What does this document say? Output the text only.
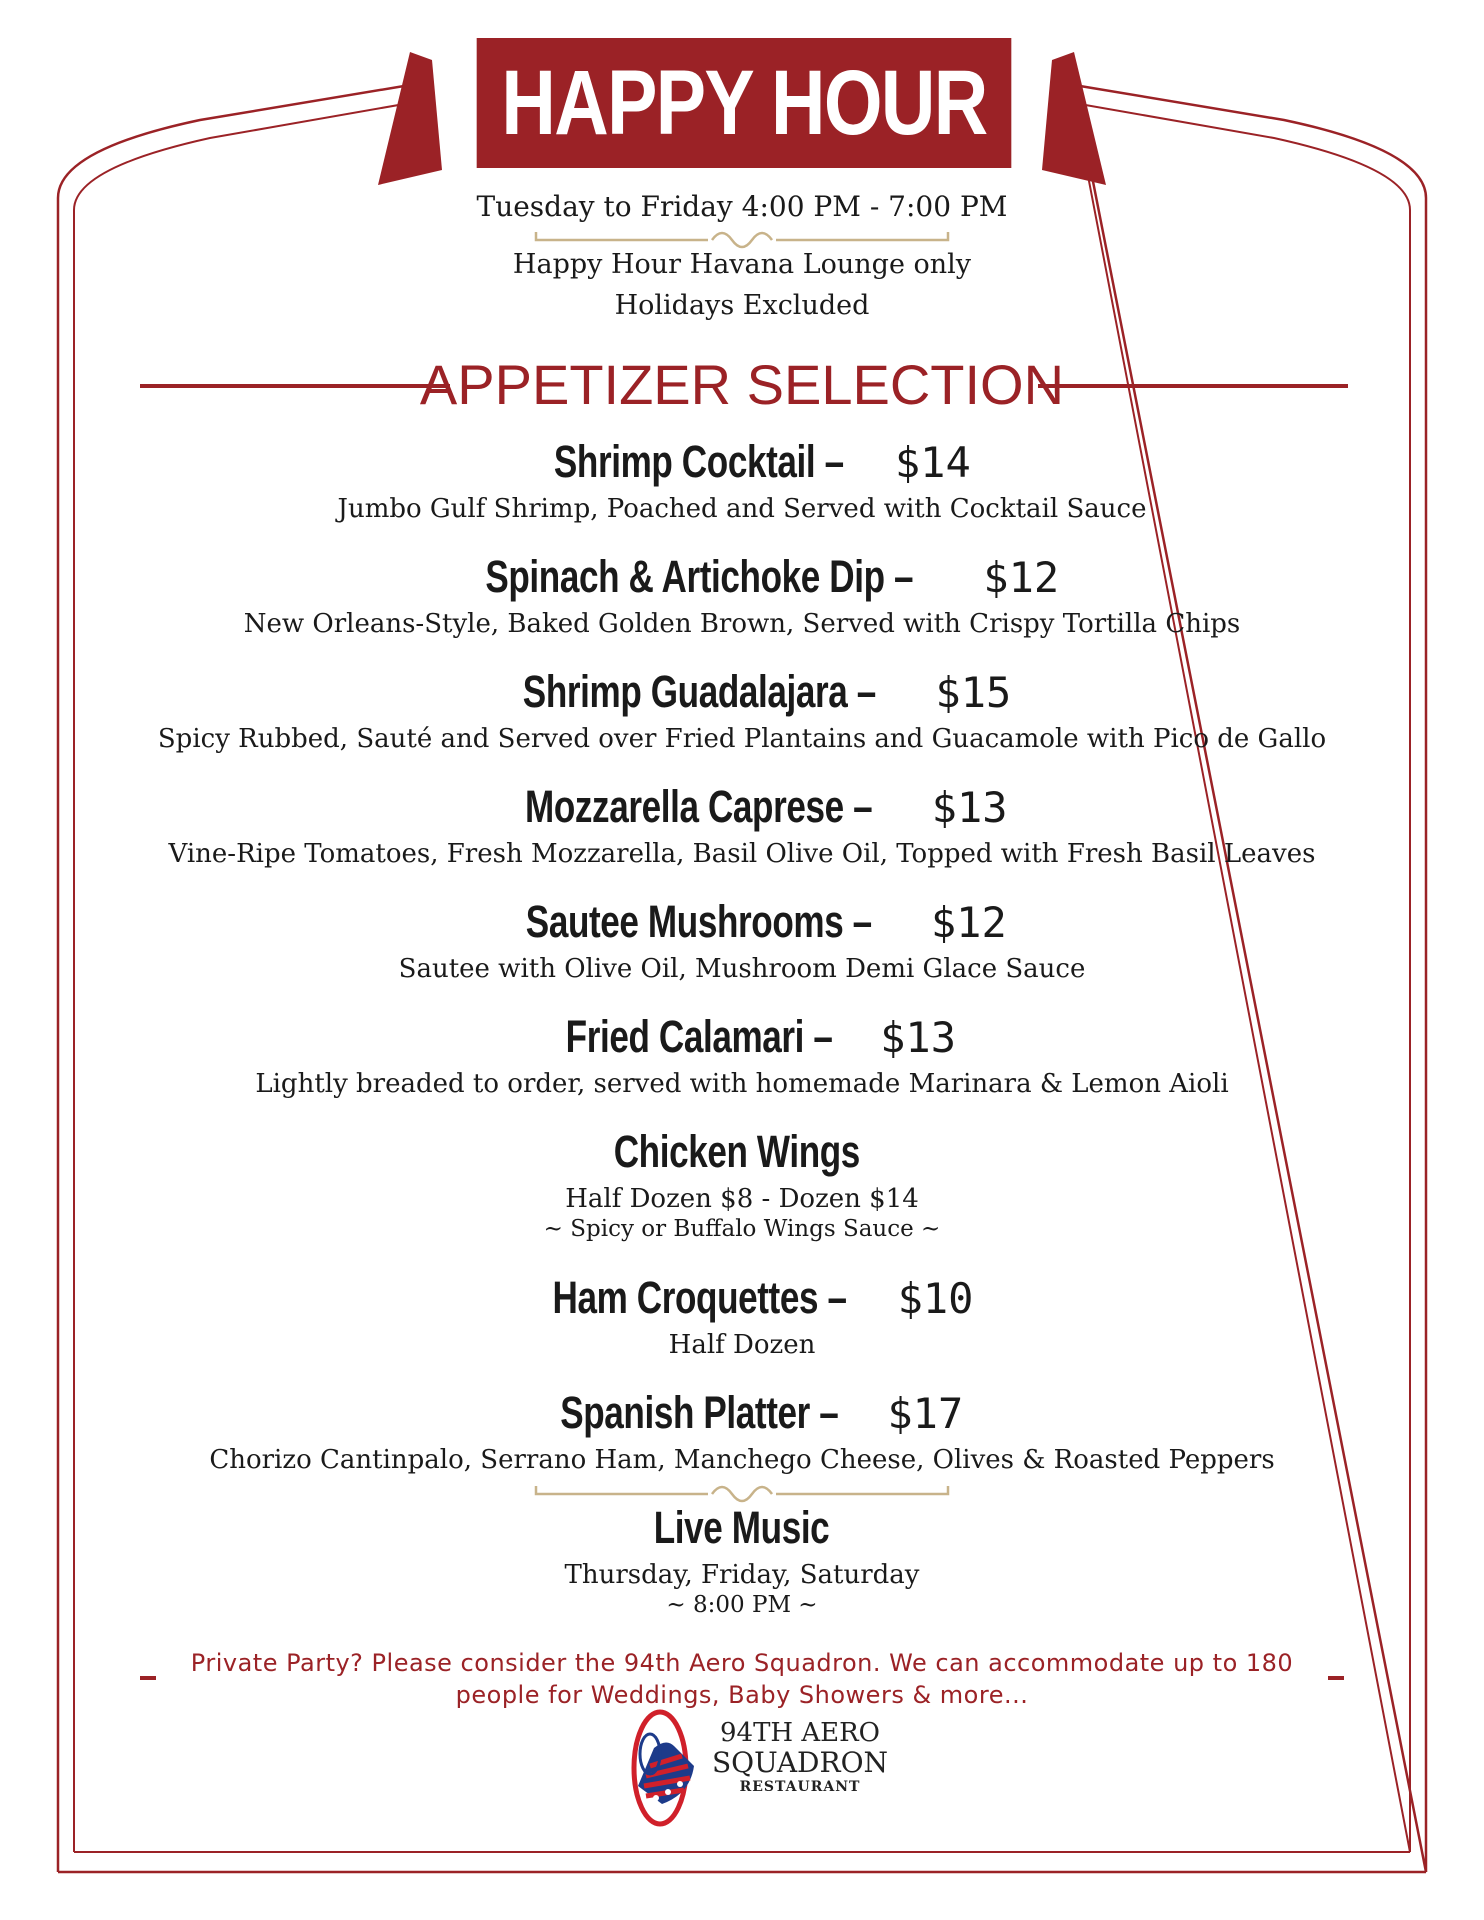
HAPPY HOUR
Tuesday to Friday 4:00 PM - 7:00 PM
Happy Hour Havana Lounge only
Holidays Excluded
APPETIZER SELECTION
Shrimp Cocktail – $14
Jumbo Gulf Shrimp, Poached and Served with Cocktail Sauce
Spinach & Artichoke Dip – $12
New Orleans-Style, Baked Golden Brown, Served with Crispy Tortilla Chips
Shrimp Guadalajara – $15
Spicy Rubbed, Sauté and Served over Fried Plantains and Guacamole with Pico de Gallo
Mozzarella Caprese – $13
Vine-Ripe Tomatoes, Fresh Mozzarella, Basil Olive Oil, Topped with Fresh Basil Leaves
Sautee Mushrooms – $12
Sautee with Olive Oil, Mushroom Demi Glace Sauce
Fried Calamari – $13
Lightly breaded to order, served with homemade Marinara & Lemon Aioli
Chicken Wings
Half Dozen $8 - Dozen $14
~ Spicy or Buffalo Wings Sauce ~
Ham Croquettes – $10
Half Dozen
Spanish Platter – $17
Chorizo Cantinpalo, Serrano Ham, Manchego Cheese, Olives & Roasted Peppers
Live Music
Thursday, Friday, Saturday
~ 8:00 PM ~
Private Party? Please consider the 94th Aero Squadron. We can accommodate up to 180
people for Weddings, Baby Showers & more...
94TH AERO
SQUADRON
RESTAURANT
